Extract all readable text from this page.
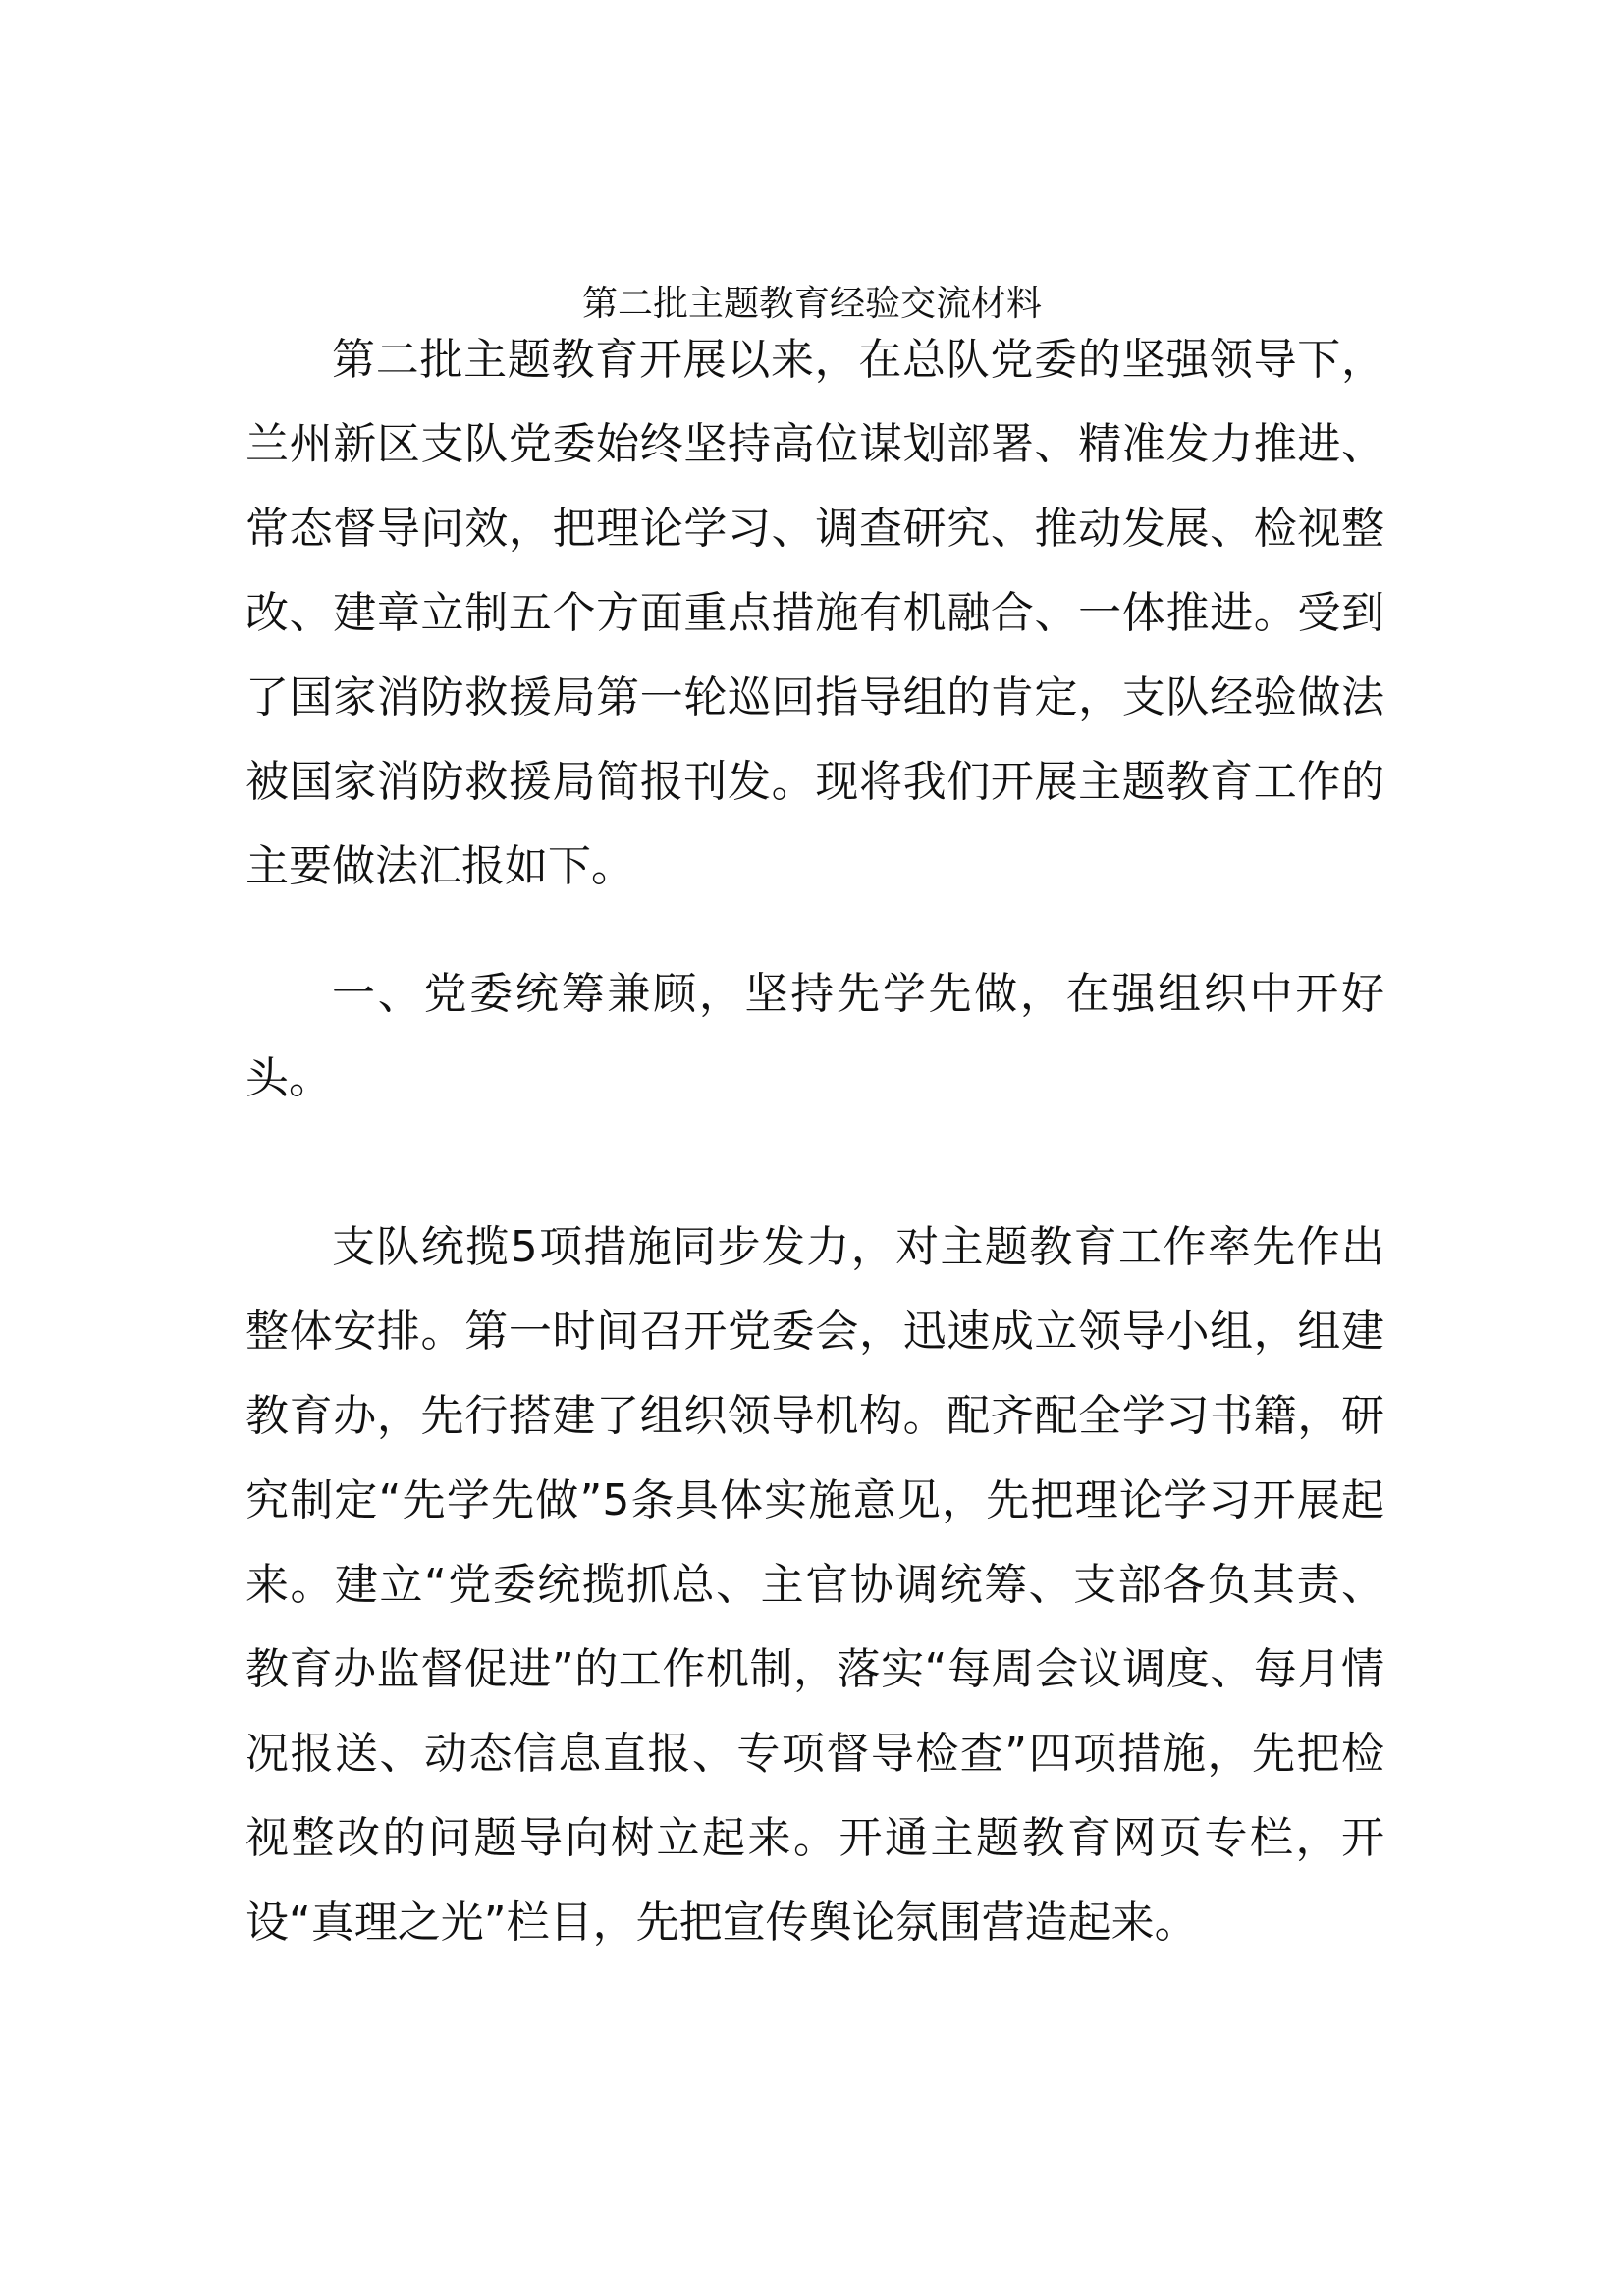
第二批主题教育经验交流材料

第二批主题教育开展以来，在总队党委的坚强领导下，兰州新区支队党委始终坚持高位谋划部署、精准发力推进、常态督导问效，把理论学习、调查研究、推动发展、检视整改、建章立制五个方面重点措施有机融合、一体推进。受到了国家消防救援局第一轮巡回指导组的肯定，支队经验做法被国家消防救援局简报刊发。现将我们开展主题教育工作的主要做法汇报如下。

一、党委统筹兼顾，坚持先学先做，在强组织中开好头。

支队统揽5项措施同步发力，对主题教育工作率先作出整体安排。第一时间召开党委会，迅速成立领导小组，组建教育办，先行搭建了组织领导机构。配齐配全学习书籍，研究制定“先学先做”5条具体实施意见，先把理论学习开展起来。建立“党委统揽抓总、主官协调统筹、支部各负其责、教育办监督促进”的工作机制，落实“每周会议调度、每月情况报送、动态信息直报、专项督导检查”四项措施，先把检视整改的问题导向树立起来。开通主题教育网页专栏，开设“真理之光”栏目，先把宣传舆论氛围营造起来。
